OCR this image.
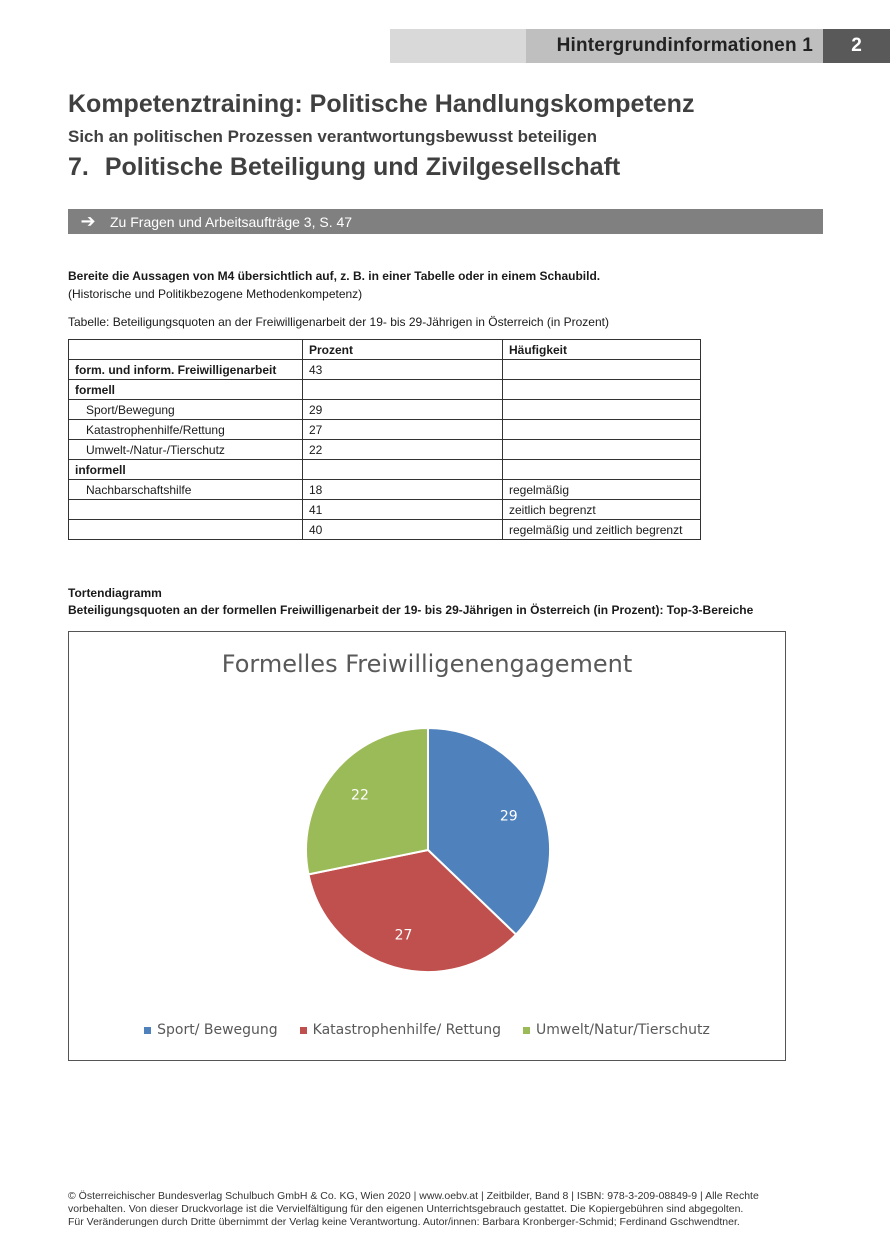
Hintergrundinformationen 1 2
Kompetenztraining: Politische Handlungskompetenz
Sich an politischen Prozessen verantwortungsbewusst beteiligen
7. Politische Beteiligung und Zivilgesellschaft
➔	Zu Fragen und Arbeitsaufträge 3, S. 47
Bereite die Aussagen von M4 übersichtlich auf, z. B. in einer Tabelle oder in einem Schaubild.
(Historische und Politikbezogene Methodenkompetenz)
Tabelle: Beteiligungsquoten an der Freiwilligenarbeit der 19- bis 29-Jährigen in Österreich (in Prozent)
	Prozent	Häufigkeit
form. und inform. Freiwilligenarbeit	43	
formell		
Sport/Bewegung	29	
Katastrophenhilfe/Rettung	27	
Umwelt-/Natur-/Tierschutz	22	
informell		
Nachbarschaftshilfe	18	regelmäßig
	41	zeitlich begrenzt
	40	regelmäßig und zeitlich begrenzt
Tortendiagramm
Beteiligungsquoten an der formellen Freiwilligenarbeit der 19- bis 29-Jährigen in Österreich (in Prozent): Top-3-Bereiche
Formelles Freiwilligenengagement
29
27
22
Sport/ Bewegung	Katastrophenhilfe/ Rettung	Umwelt/Natur/Tierschutz
© Österreichischer Bundesverlag Schulbuch GmbH & Co. KG, Wien 2020 | www.oebv.at | Zeitbilder, Band 8 | ISBN: 978-3-209-08849-9 | Alle Rechte
vorbehalten. Von dieser Druckvorlage ist die Vervielfältigung für den eigenen Unterrichtsgebrauch gestattet. Die Kopiergebühren sind abgegolten.
Für Veränderungen durch Dritte übernimmt der Verlag keine Verantwortung. Autor/innen: Barbara Kronberger-Schmid; Ferdinand Gschwendtner.
